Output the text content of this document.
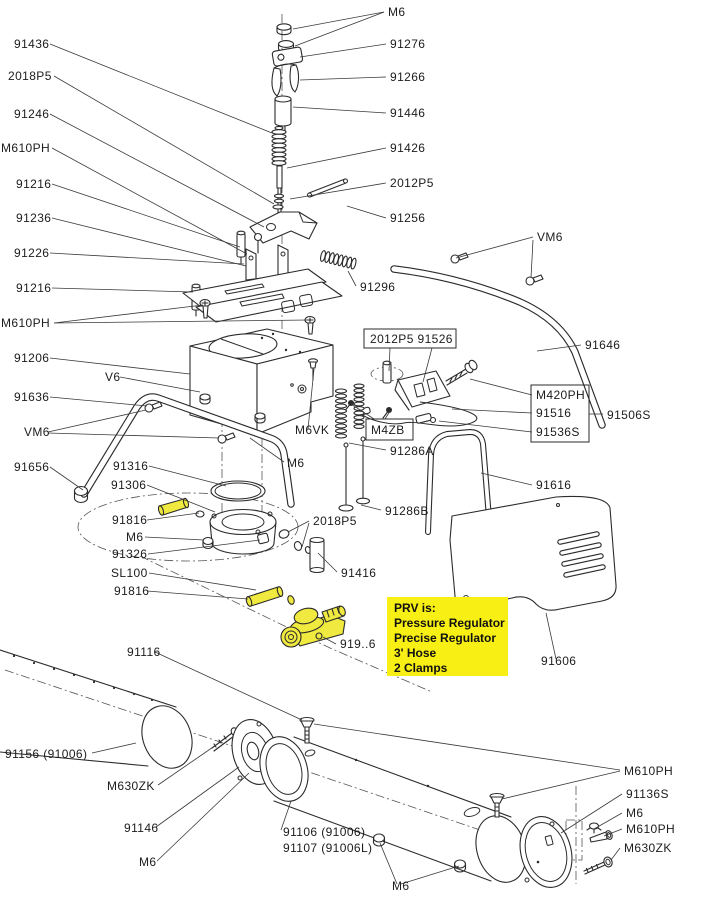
M6
91436	91276
2018P5	91266
91246	91446
M610PH	91426
91216	2012P5
91236	91256
91226
VM6
91216	91296
M610PH
91206
2012P5 91526	91646
V6
M420PH
91636
91516	91506S
91536S
M4ZB
M6VK
VM6
91286A
M6
91656	91316
91306	91616
91286B
2018P5
91816
M6
91326
SL100
91816
91416
919..6
91116
91606
91156 (91006)
M630ZK
91146
M6
91106 (91006)
91107 (91006L)
M6
M610PH
91136S
M6
M610PH
M630ZK
PRV is:
Pressure Regulator
Precise Regulator
3' Hose
2 Clamps
